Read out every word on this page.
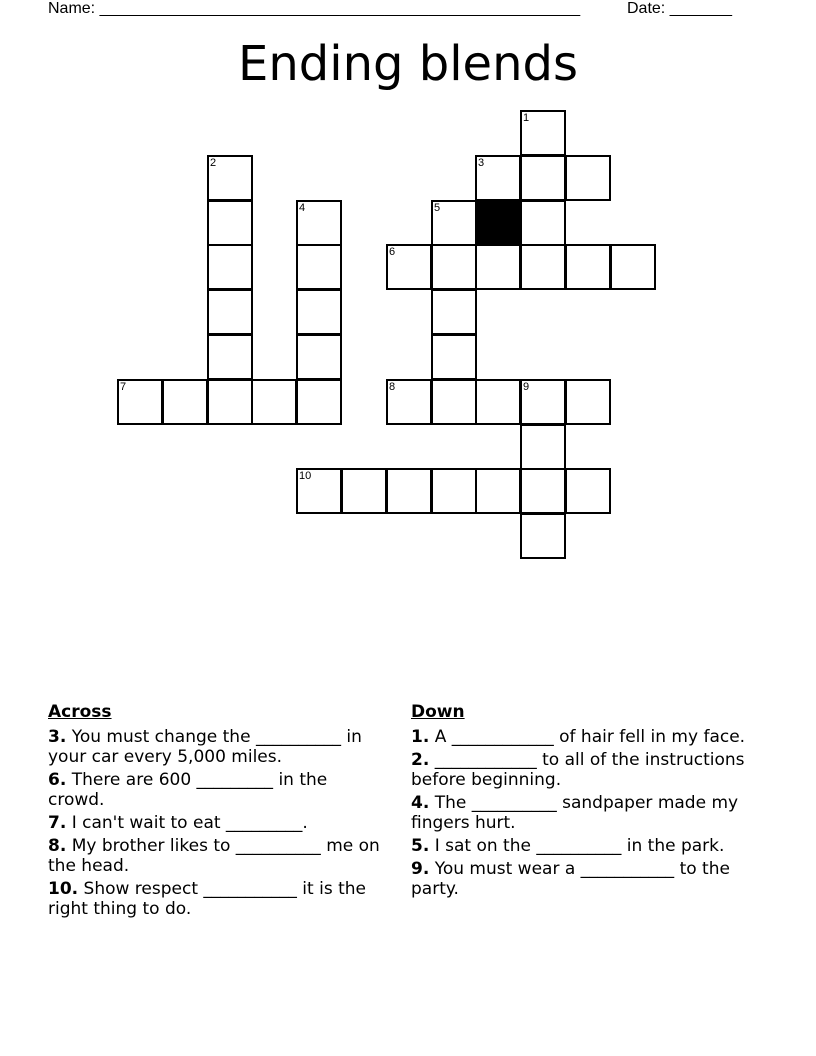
Name: ______________________________________________________	Date: _______
Ending blends
1
2	3
4	5
6
7	8	9
10
Across
3. You must change the __________ in your car every 5,000 miles.
6. There are 600 _________ in the crowd.
7. I can't wait to eat _________.
8. My brother likes to __________ me on the head.
10. Show respect ___________ it is the right thing to do.
Down
1. A ____________ of hair fell in my face.
2. ____________ to all of the instructions before beginning.
4. The __________ sandpaper made my fingers hurt.
5. I sat on the __________ in the park.
9. You must wear a ___________ to the party.
